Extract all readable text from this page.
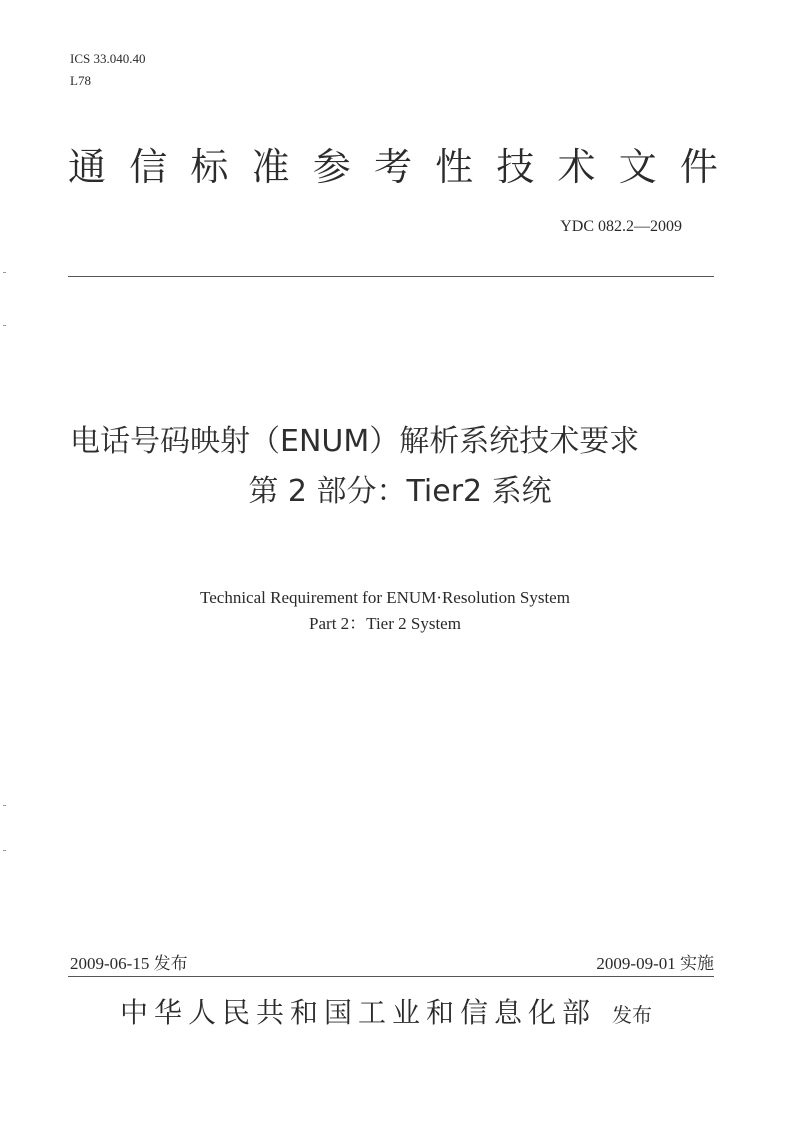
ICS 33.040.40
L78
通 信 标 准 参 考 性 技 术 文 件
YDC 082.2—2009
电话号码映射（ENUM）解析系统技术要求
第 2 部分：Tier2 系统
Technical Requirement for ENUM·Resolution System
Part 2：Tier 2 System
2009-06-15 发布	2009-09-01 实施
中华人民共和国工业和信息化部 发布
